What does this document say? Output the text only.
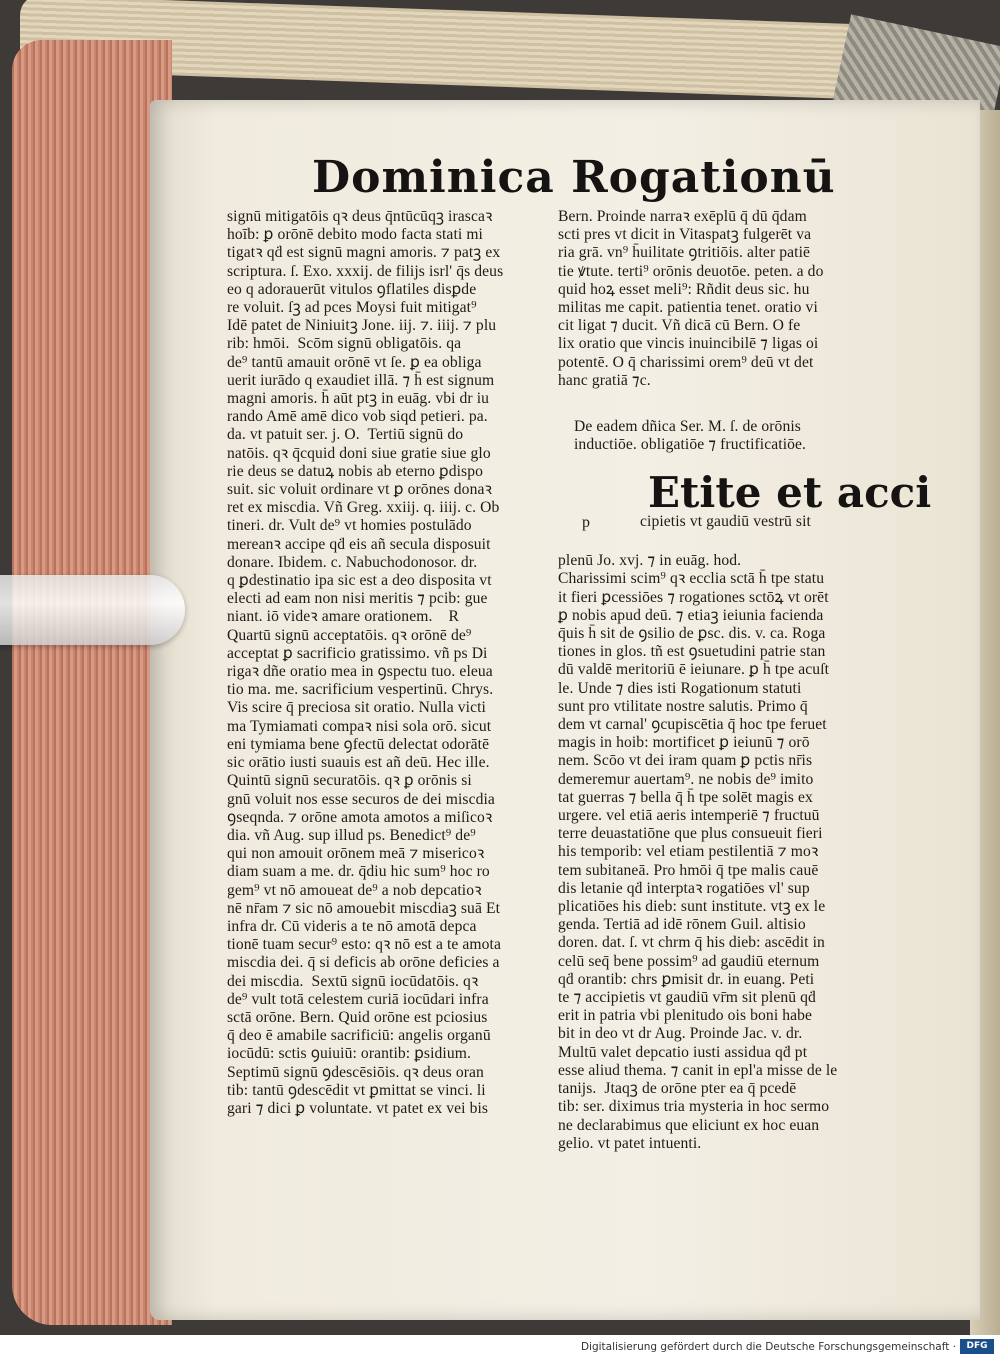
Dominica Rogationū
signū mitigatōis qꝛ deus q̄ntūcūqꝫ irascaꝛ
hoīb: ꝑ orōnē debito modo facta stati mi
tigatꝛ qḋ est signū magni amoris. ⁊ patꝫ ex
scriptura. ſ. Exo. xxxij. de filijs isrl' q̄s deus
eo q adorauerūt vitulos ꝯflatiles disꝑde
re voluit. ſꝫ ad pces Moysi fuit mitigat⁹
Idē patet de Niniuitꝫ Jone. iij. ⁊. iiij. ⁊ plu
rib: hmōi.  Scōm signū obligatōis. qa
de⁹ tantū amauit orōnē vt ſe. ꝑ ea obliga
uerit iurādo q exaudiet illā. ⁊ h̄ est signum
magni amoris. h̄ aūt ptꝫ in euāg. vbi dr iu
rando Amē amē dico vob siqd petieri. pa.
da. vt patuit ser. j. O.  Tertiū signū do
natōis. qꝛ q̄cquid doni siue gratie siue glo
rie deus se datuꝝ nobis ab eterno ꝑdispo
suit. sic voluit ordinare vt ꝑ orōnes donaꝛ
ret ex miscdia. Vñ Greg. xxiij. q. iiij. c. Ob
tineri. dr. Vult de⁹ vt homies postulādo
mereanꝛ accipe qḋ eis añ secula disposuit
donare. Ibidem. c. Nabuchodonosor. dr.
q ꝑdestinatio ipa sic est a deo disposita vt
electi ad eam non nisi meritis ⁊ pcib: gue
niant. iō videꝛ amare orationem.    R
Quartū signū acceptatōis. qꝛ orōnē de⁹
acceptat ꝑ sacrificio gratissimo. vñ ps Di
rigaꝛ dñe oratio mea in ꝯspectu tuo. eleua
tio ma. me. sacrificium vespertinū. Chrys.
Vis scire q̄ preciosa sit oratio. Nulla victi
ma Tymiamati compaꝛ nisi sola orō. sicut
eni tymiama bene ꝯfectū delectat odorātē
sic orātio iusti suauis est añ deū. Hec ille.
Quintū signū securatōis. qꝛ ꝑ orōnis si
gnū voluit nos esse securos de dei miscdia
ꝯseqnda. ⁊ orōne amota amotos a miſicoꝛ
dia. vñ Aug. sup illud ps. Benedict⁹ de⁹
qui non amouit orōnem meā ⁊ misericoꝛ
diam suam a me. dr. q̄diu hic sum⁹ hoc ro
gem⁹ vt nō amoueat de⁹ a nob depcatioꝛ
nē nr̄am ⁊ sic nō amouebit miscdiaꝫ suā Et
infra dr. Cū videris a te nō amotā depca
tionē tuam secur⁹ esto: qꝛ nō est a te amota
miscdia dei. q̄ si deficis ab orōne deficies a
dei miscdia.  Sextū signū iocūdatōis. qꝛ
de⁹ vult totā celestem curiā iocūdari infra
sctā orōne. Bern. Quid orōne est pciosius
q̄ deo ē amabile sacrificiū: angelis organū
iocūdū: sctis ꝯuiuiū: orantib: ꝑsidium.
Septimū signū ꝯdescēsiōis. qꝛ deus oran
tib: tantū ꝯdescēdit vt ꝑmittat se vinci. li
gari ⁊ dici ꝑ voluntate. vt patet ex vei bis
Bern. Proinde narraꝛ exēplū q̄ dū q̄dam
scti pres vt dicit in Vitaspatꝫ fulgerēt va
ria grā. vn⁹ h̄uilitate ꝯtritiōis. alter patiē
tie ꝟtute. terti⁹ orōnis deuotōe. peten. a do
quid hoꝝ esset meli⁹: Rñdit deus sic. hu
militas me capit. patientia tenet. oratio vi
cit ligat ⁊ ducit. Vñ dicā cū Bern. O fe
lix oratio que vincis inuincibilē ⁊ ligas oi
potentē. O q̄ charissimi orem⁹ deū vt det
hanc gratiā ⁊c.
De eadem dñica Ser. M. ſ. de orōnis
inductiōe. obligatiōe ⁊ fructificatiōe.
Etite et acci
p	cipietis vt gaudiū vestrū sit

plenū Jo. xvj. ⁊ in euāg. hod.
Charissimi scim⁹ qꝛ ecclia sctā h̄ tpe statu
it fieri ꝑcessiōes ⁊ rogationes sctōꝝ vt orēt
ꝑ nobis apud deū. ⁊ etiaꝫ ieiunia facienda
q̄uis h̄ sit de ꝯsilio de ꝑsc. dis. v. ca. Roga
tiones in glos. tñ est ꝯsuetudini patrie stan
dū valdē meritoriū ē ieiunare. ꝑ h̄ tpe acuſt
le. Unde ⁊ dies isti Rogationum statuti
sunt pro vtilitate nostre salutis. Primo q̄
dem vt carnal' ꝯcupiscētia q̄ hoc tpe feruet
magis in hoib: mortificet ꝑ ieiunū ⁊ orō
nem. Scōo vt dei iram quam ꝑ pctis nr̄is
demeremur auertam⁹. ne nobis de⁹ imito
tat guerras ⁊ bella q̄ h̄ tpe solēt magis ex
urgere. vel etiā aeris intemperiē ⁊ fructuū
terre deuastatiōne que plus consueuit fieri
his temporib: vel etiam pestilentiā ⁊ moꝛ
tem subitaneā. Pro hmōi q̄ tpe malis cauē
dis letanie qḋ interptaꝛ rogatiōes vl' sup
plicatiōes his dieb: sunt institute. vtꝫ ex le
genda. Tertiā ad idē rōnem Guil. altisio
doren. dat. ſ. vt chrm q̄ his dieb: ascēdit in
celū seq̄ bene possim⁹ ad gaudiū eternum
qḋ orantib: chrs ꝑmisit dr. in euang. Peti
te ⁊ accipietis vt gaudiū vr̄m sit plenū qḋ
erit in patria vbi plenitudo ois boni habe
bit in deo vt dr Aug. Proinde Jac. v. dr.
Multū valet depcatio iusti assidua qḋ pt
esse aliud thema. ⁊ canit in epl'a misse de le
tanijs.  Jtaqꝫ de orōne pter ea q̄ pcedē
tib: ser. diximus tria mysteria in hoc sermo
ne declarabimus que eliciunt ex hoc euan
gelio. vt patet intuenti.
Digitalisierung gefördert durch die Deutsche Forschungsgemeinschaft ·	DFG
